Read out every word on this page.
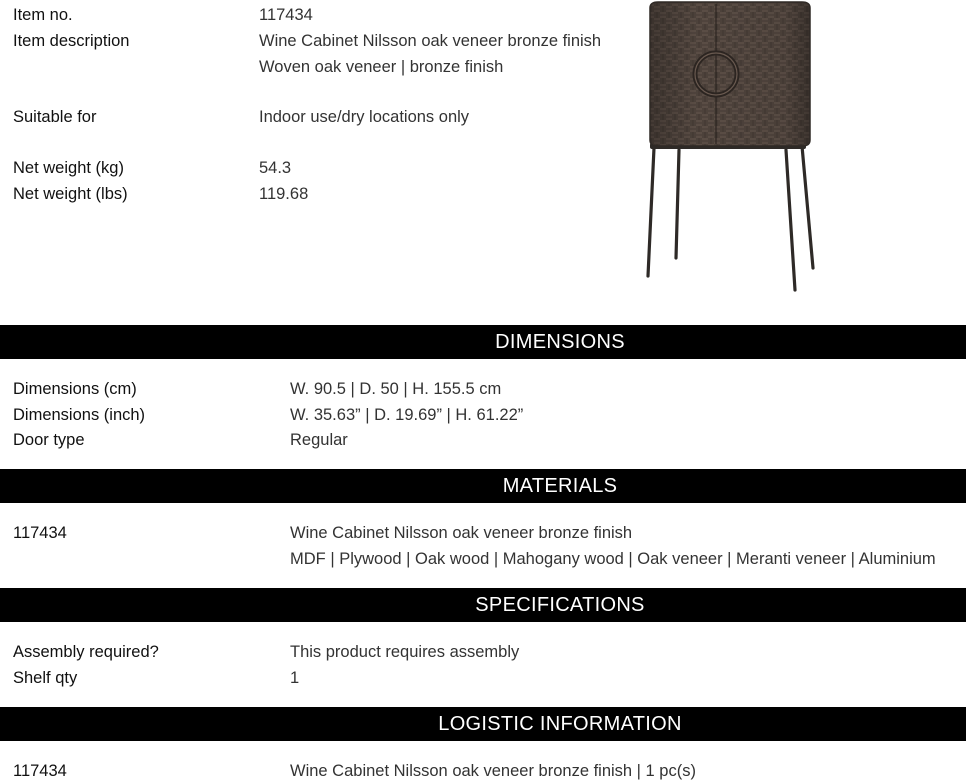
Item no.	117434
Item description	Wine Cabinet Nilsson oak veneer bronze finish
Woven oak veneer | bronze finish
Suitable for	Indoor use/dry locations only
Net weight (kg)	54.3
Net weight (lbs)	119.68
DIMENSIONS
Dimensions (cm)	W. 90.5 | D. 50 | H. 155.5 cm
Dimensions (inch)	W. 35.63” | D. 19.69” | H. 61.22”
Door type	Regular
MATERIALS
117434	Wine Cabinet Nilsson oak veneer bronze finish
MDF | Plywood | Oak wood | Mahogany wood | Oak veneer | Meranti veneer | Aluminium
SPECIFICATIONS
Assembly required?	This product requires assembly
Shelf qty	1
LOGISTIC INFORMATION
117434	Wine Cabinet Nilsson oak veneer bronze finish | 1 pc(s)
